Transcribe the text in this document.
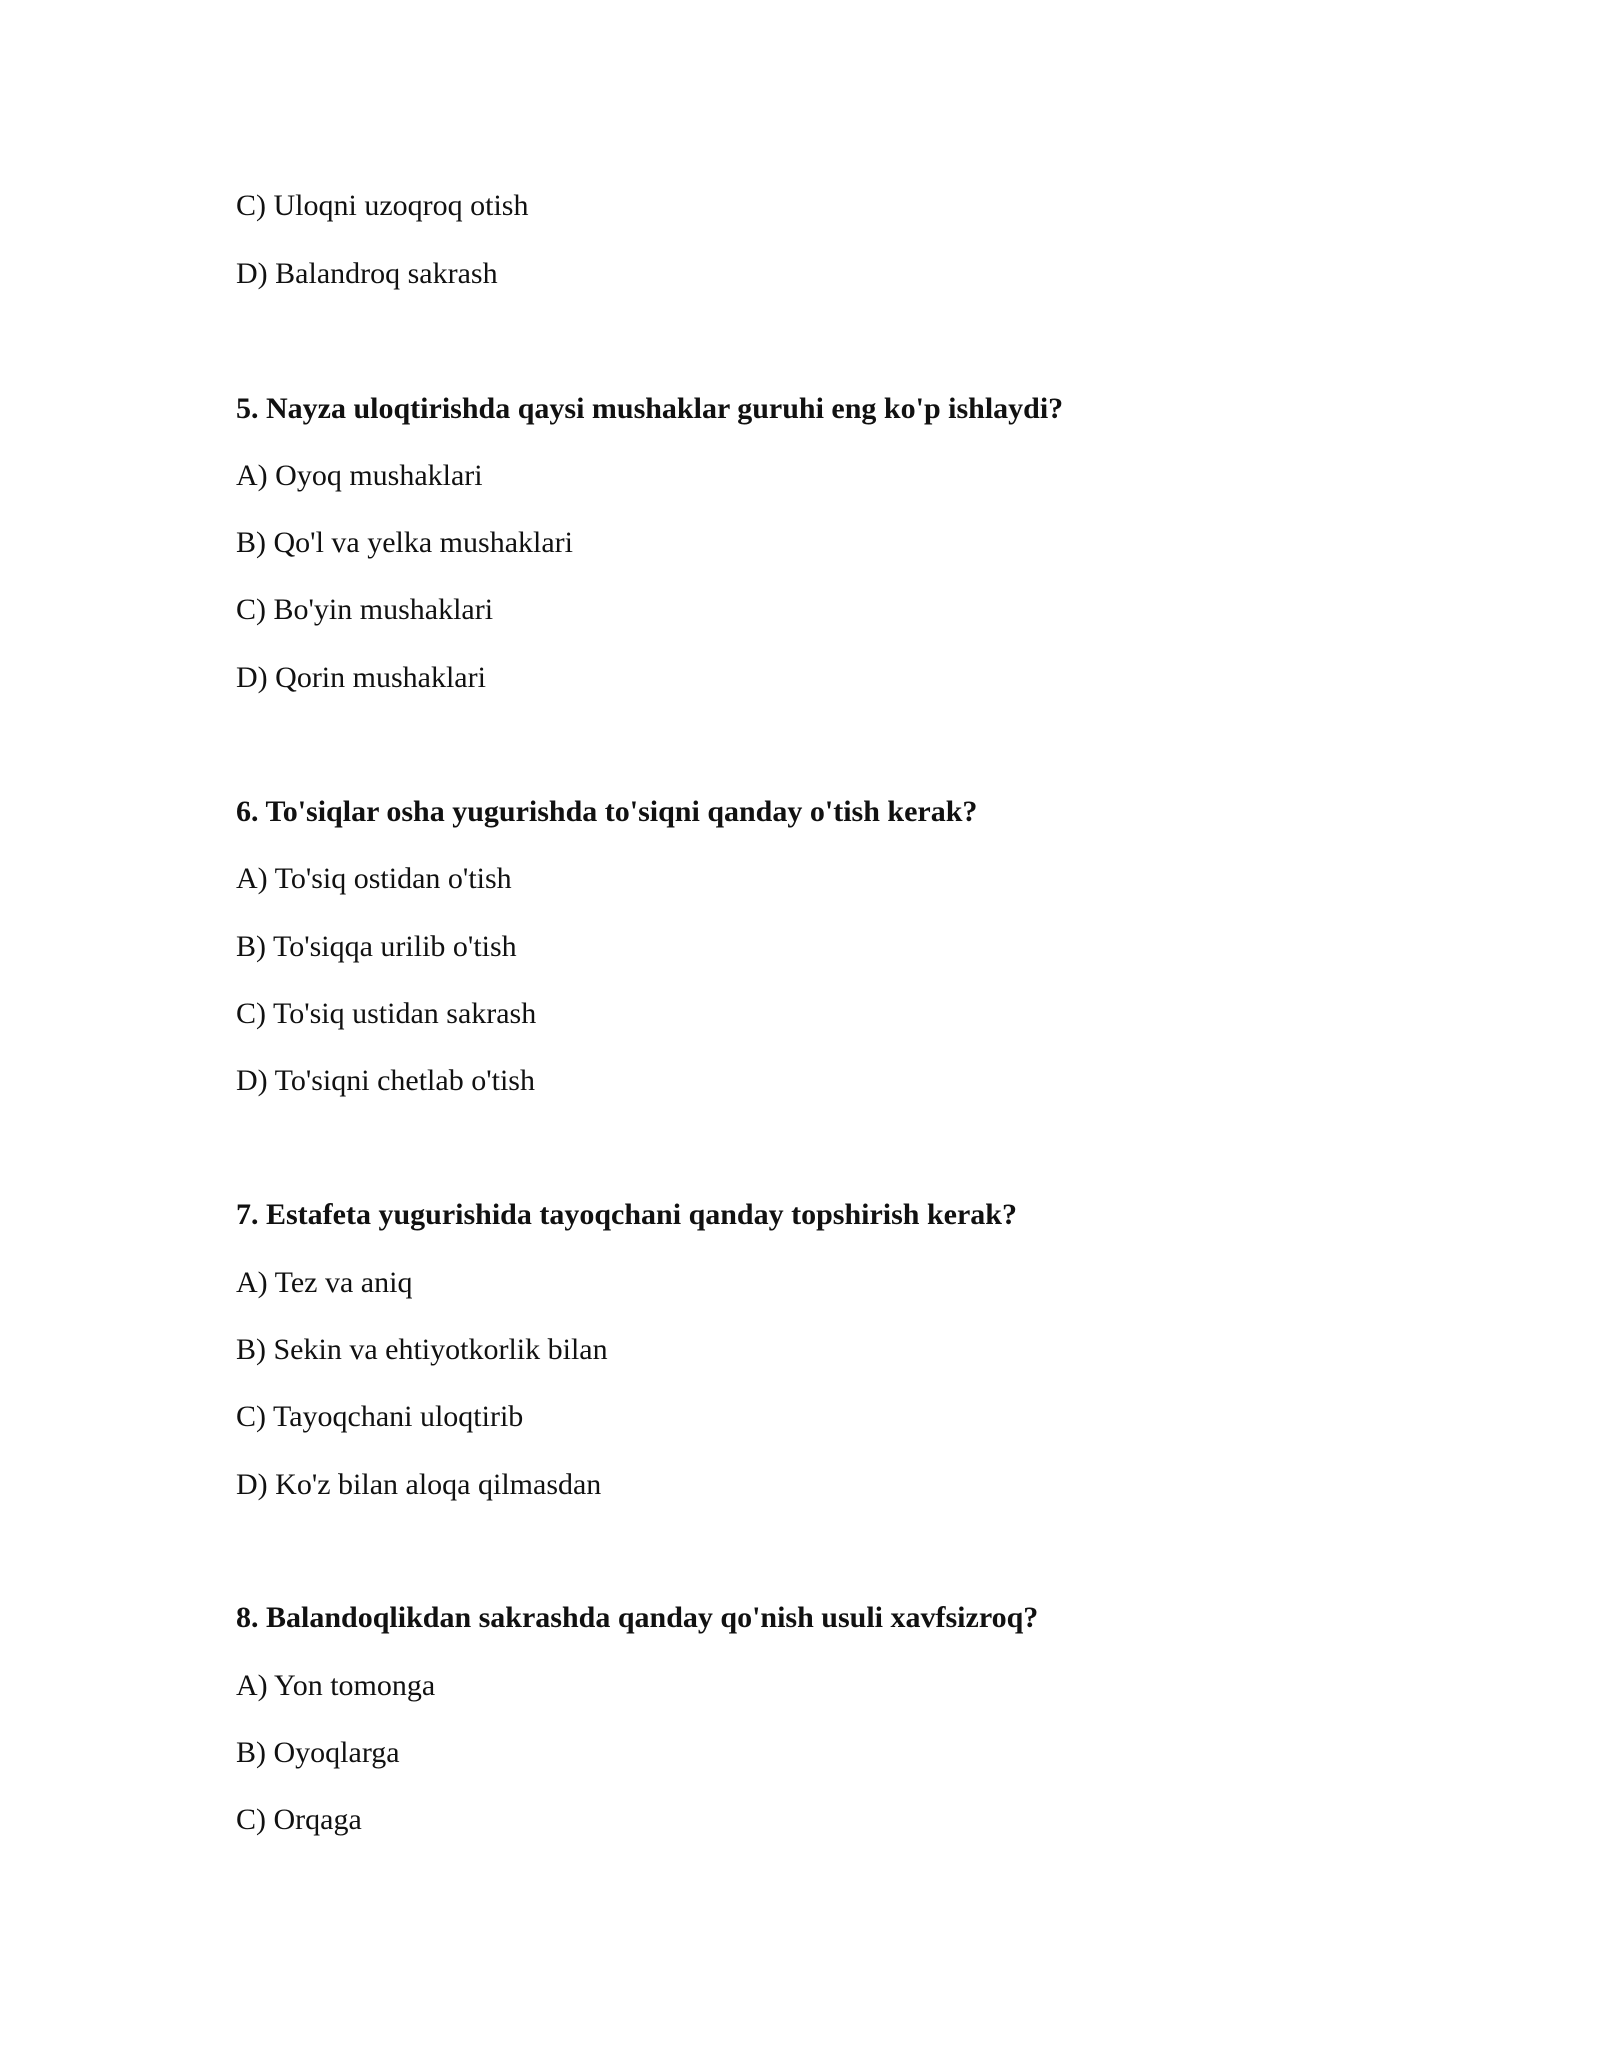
C) Uloqni uzoqroq otish
D) Balandroq sakrash
5. Nayza uloqtirishda qaysi mushaklar guruhi eng ko'p ishlaydi?
A) Oyoq mushaklari
B) Qo'l va yelka mushaklari
C) Bo'yin mushaklari
D) Qorin mushaklari
6. To'siqlar osha yugurishda to'siqni qanday o'tish kerak?
A) To'siq ostidan o'tish
B) To'siqqa urilib o'tish
C) To'siq ustidan sakrash
D) To'siqni chetlab o'tish
7. Estafeta yugurishida tayoqchani qanday topshirish kerak?
A) Tez va aniq
B) Sekin va ehtiyotkorlik bilan
C) Tayoqchani uloqtirib
D) Ko'z bilan aloqa qilmasdan
8. Balandoqlikdan sakrashda qanday qo'nish usuli xavfsizroq?
A) Yon tomonga
B) Oyoqlarga
C) Orqaga
